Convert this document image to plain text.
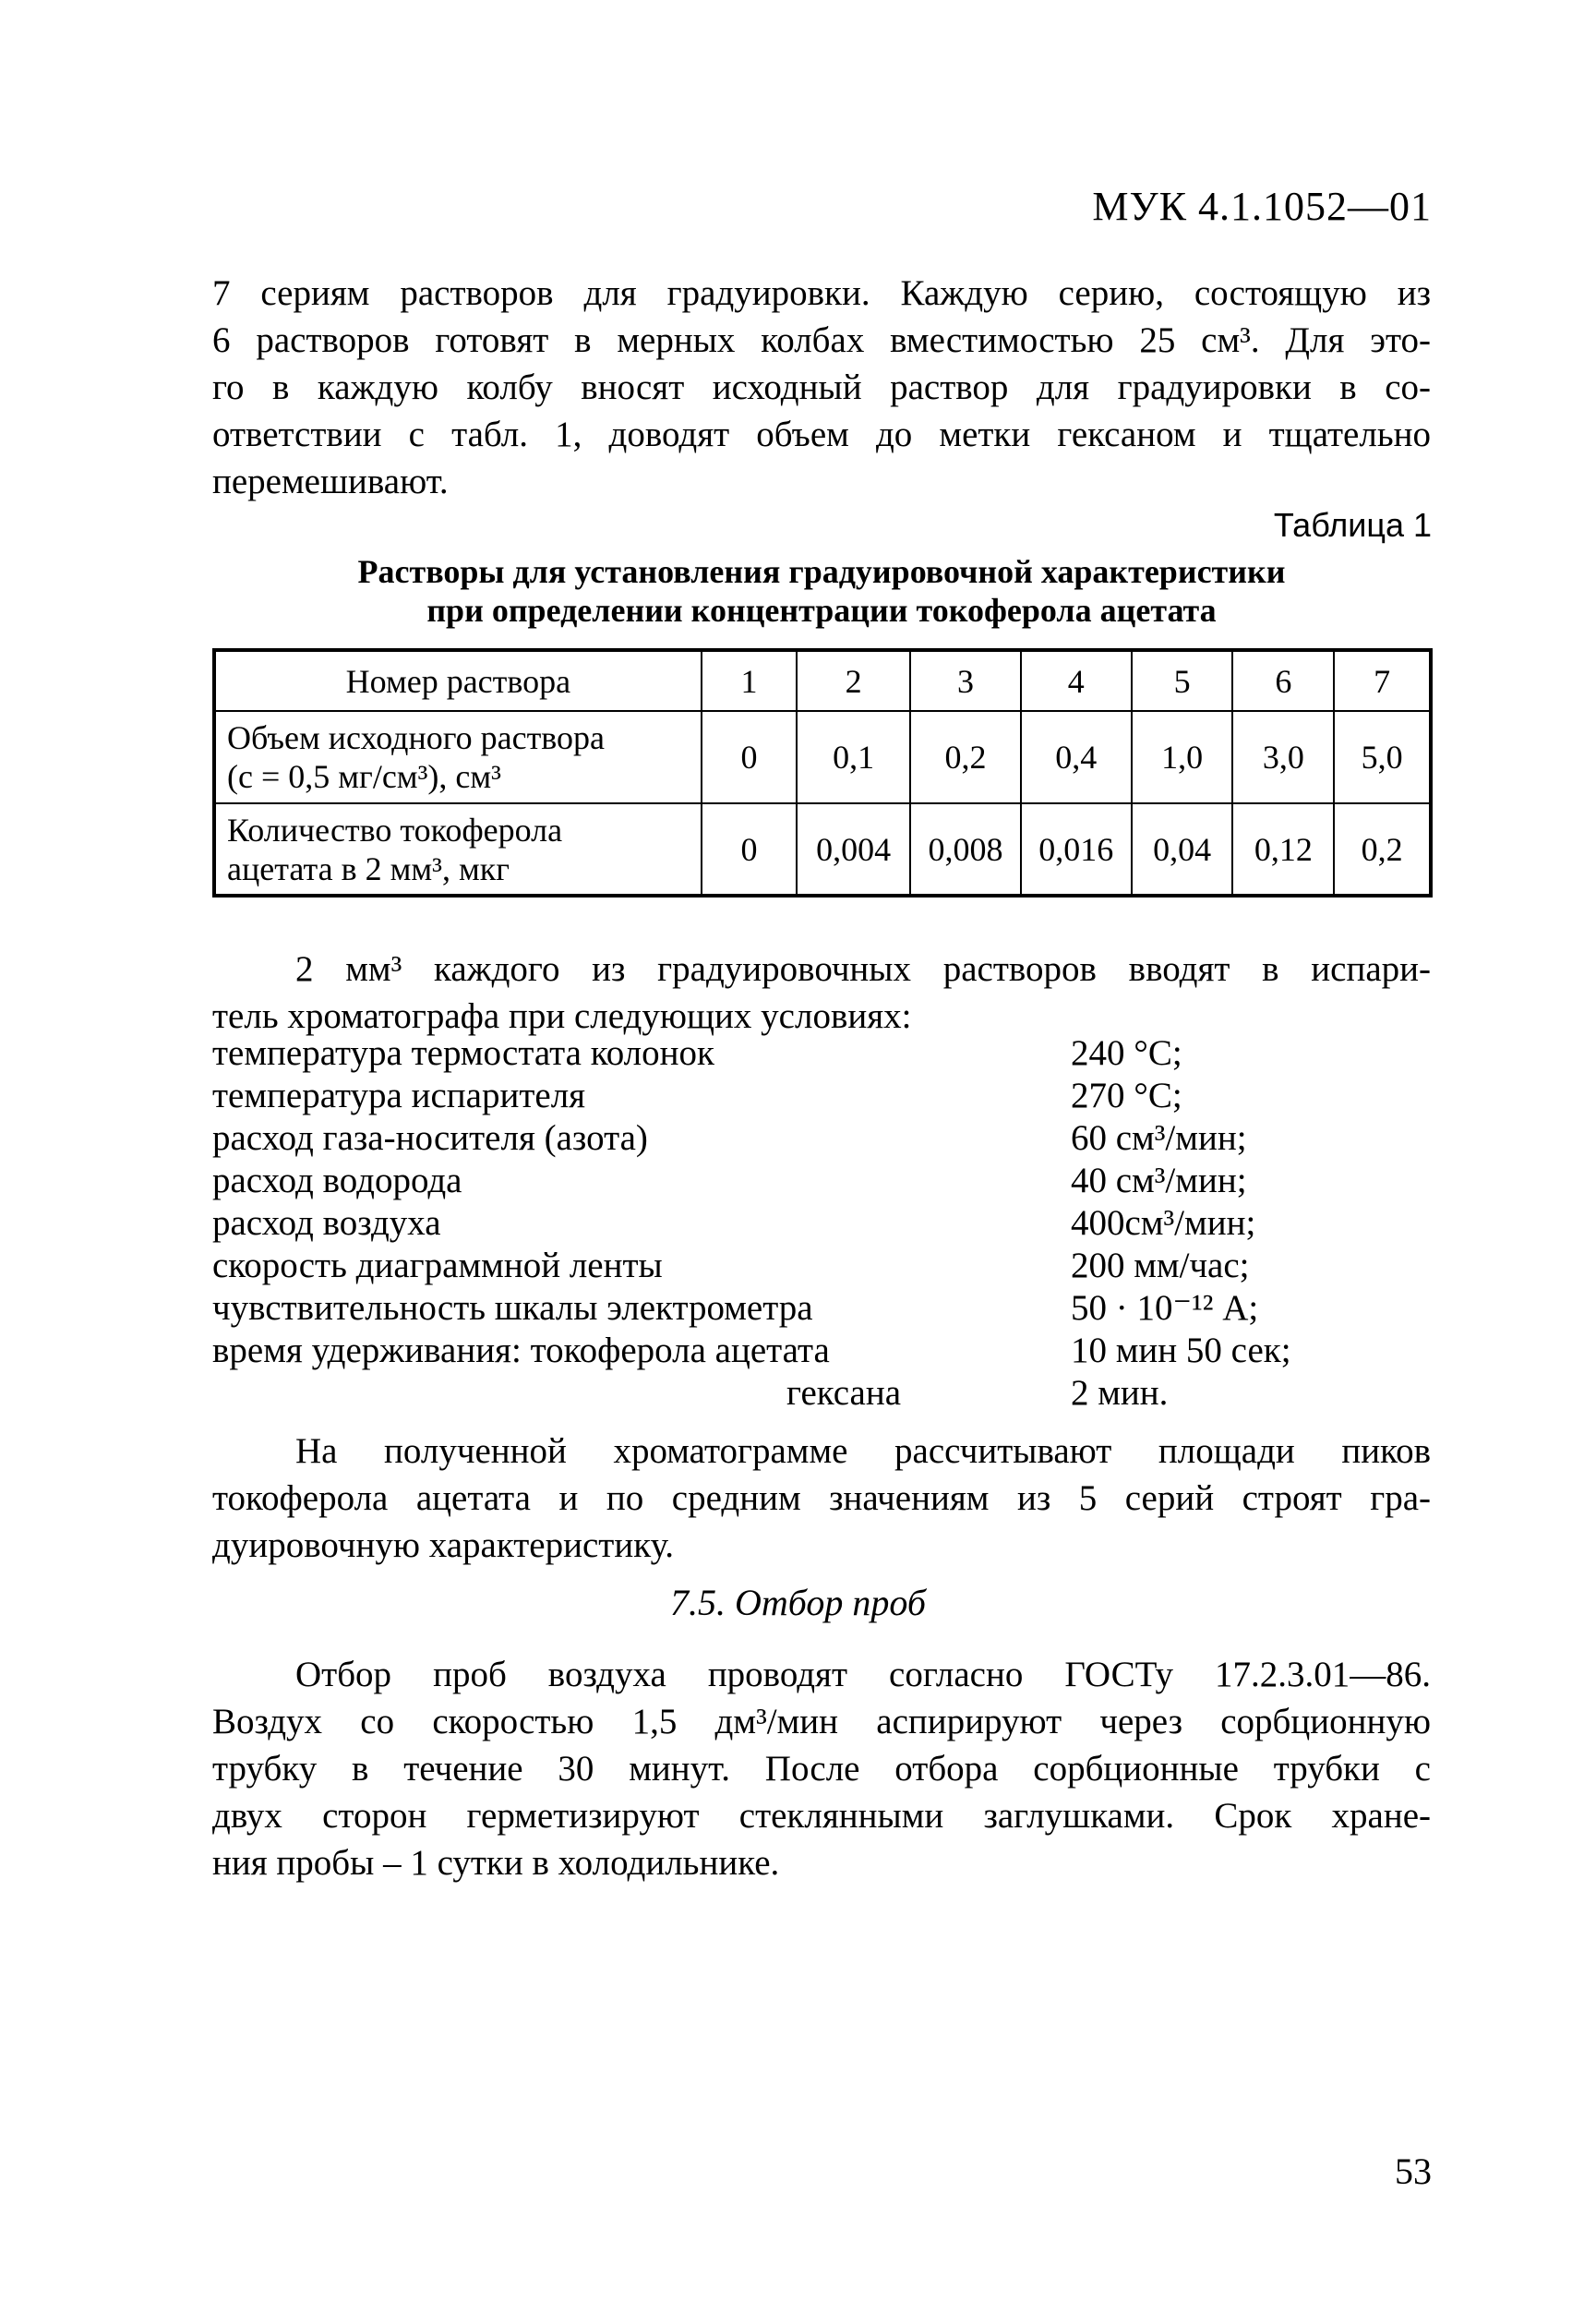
МУК 4.1.1052—01
7 сериям растворов для градуировки. Каждую серию, состоящую из
6 растворов готовят в мерных колбах вместимостью 25 см³. Для это-
го в каждую колбу вносят исходный раствор для градуировки в со-
ответствии с табл. 1, доводят объем до метки гексаном и тщательно
перемешивают.
Таблица 1
Растворы для установления градуировочной характеристики
при определении концентрации токоферола ацетата
Номер раствора	1	2	3	4	5	6	7

Объем исходного раствора
(с = 0,5 мг/см³), см³	0	0,1	0,2	0,4	1,0	3,0	5,0

Количество токоферола
ацетата в 2 мм³, мкг	0	0,004	0,008	0,016	0,04	0,12	0,2
2 мм³ каждого из градуировочных растворов вводят в испари-
тель хроматографа при следующих условиях:
температура термостата колонок	240 °С;
температура испарителя	270 °С;
расход газа-носителя (азота)	60 см³/мин;
расход водорода	40 см³/мин;
расход воздуха	400см³/мин;
скорость диаграммной ленты	200 мм/час;
чувствительность шкалы электрометра	50 · 10⁻¹² А;
время удерживания: токоферола ацетата	10 мин 50 сек;
гексана	2 мин.
На полученной хроматограмме рассчитывают площади пиков
токоферола ацетата и по средним значениям из 5 серий строят гра-
дуировочную характеристику.
7.5. Отбор проб
Отбор проб воздуха проводят согласно ГОСТу 17.2.3.01—86.
Воздух со скоростью 1,5 дм³/мин аспирируют через сорбционную
трубку в течение 30 минут. После отбора сорбционные трубки с
двух сторон герметизируют стеклянными заглушками. Срок хране-
ния пробы – 1 сутки в холодильнике.
53
